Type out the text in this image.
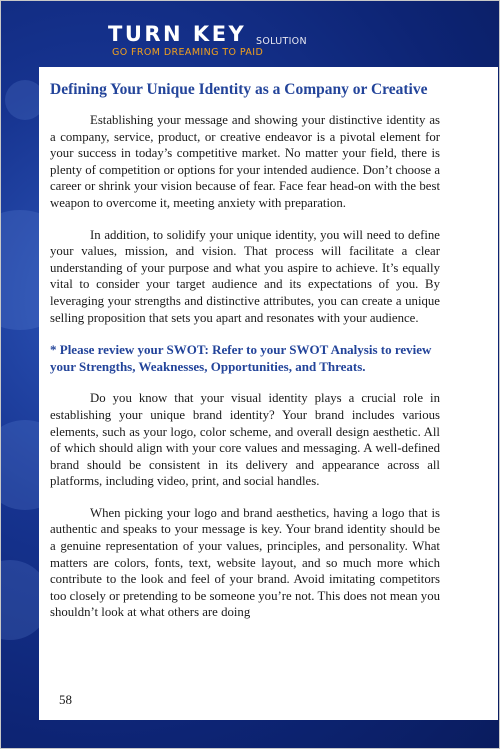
TURN KEY SOLUTION
GO FROM DREAMING TO PAID
Defining Your Unique Identity as a Company or Creative

Establishing your message and showing your distinctive identity as a company, service, product, or creative endeavor is a pivotal element for your success in today’s competitive market. No matter your field, there is plenty of competition or options for your intended audience. Don’t choose a career or shrink your vision because of fear. Face fear head-on with the best weapon to overcome it, meeting anxiety with preparation.

In addition, to solidify your unique identity, you will need to define your values, mission, and vision. That process will facilitate a clear understanding of your purpose and what you aspire to achieve. It’s equally vital to consider your target audience and its expectations of you. By leveraging your strengths and distinctive attributes, you can create a unique selling proposition that sets you apart and resonates with your audience.

* Please review your SWOT: Refer to your SWOT Analysis to review your Strengths, Weaknesses, Opportunities, and Threats.

Do you know that your visual identity plays a crucial role in establishing your unique brand identity? Your brand includes various elements, such as your logo, color scheme, and overall design aesthetic. All of which should align with your core values and messaging. A well-defined brand should be consistent in its delivery and appearance across all platforms, including video, print, and social handles.

When picking your logo and brand aesthetics, having a logo that is authentic and speaks to your message is key. Your brand identity should be a genuine representation of your values, principles, and personality. What matters are colors, fonts, text, website layout, and so much more which contribute to the look and feel of your brand. Avoid imitating competitors too closely or pretending to be someone you’re not. This does not mean you shouldn’t look at what others are doing

58
